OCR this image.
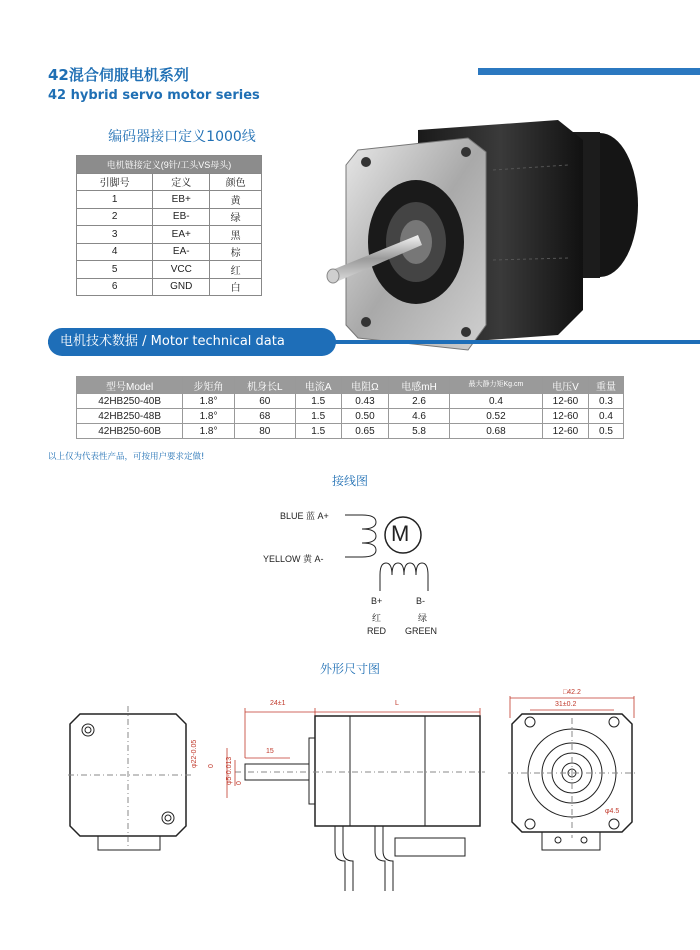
42混合伺服电机系列
42 hybrid servo motor series
编码器接口定义1000线
电机链接定义(9针/工头VS母头)		
引脚号	定义	颜色
1	EB+	黄
2	EB-	绿
3	EA+	黑
4	EA-	棕
5	VCC	红
6	GND	白
电机技术数据 / Motor technical data
型号Model	步矩角	机身长L	电流A	电阻Ω	电感mH	最大静力矩Kg.cm	电压V	重量
42HB250-40B	1.8°	60	1.5	0.43	2.6	0.4	12-60	0.3
42HB250-48B	1.8°	68	1.5	0.50	4.6	0.52	12-60	0.4
42HB250-60B	1.8°	80	1.5	0.65	5.8	0.68	12-60	0.5
以上仅为代表性产品，可按用户要求定做!
接线图
BLUE 蓝 A+
YELLOW 黄 A-
M
B+	B-
红	绿
RED GREEN
外形尺寸图
24±1	L
15
φ22-0.05 0 φ5-0.013 0
□42.2
31±0.2
φ4.5
